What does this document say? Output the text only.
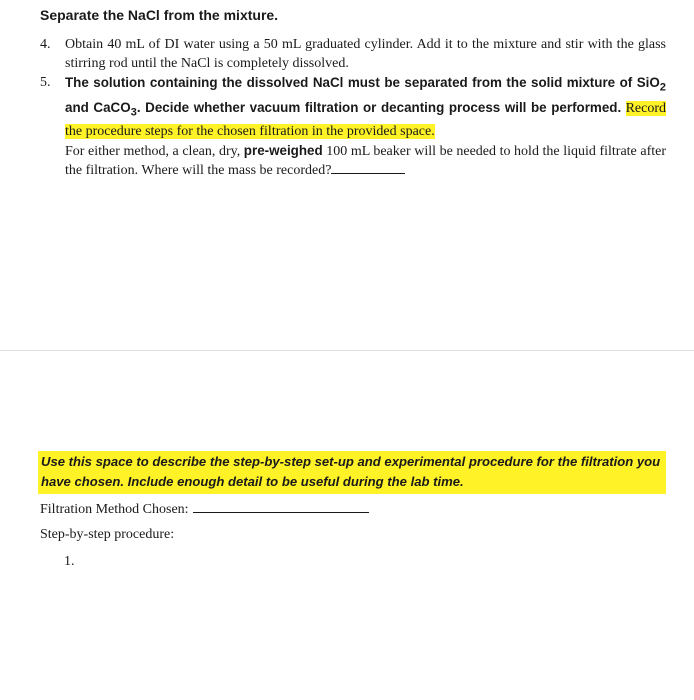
Separate the NaCl from the mixture.
4.	Obtain 40 mL of DI water using a 50 mL graduated cylinder. Add it to the mixture and stir with the glass stirring rod until the NaCl is completely dissolved.
5.	The solution containing the dissolved NaCl must be separated from the solid mixture of SiO$_2$ and CaCO$_3$. Decide whether vacuum filtration or decanting process will be performed. Record the procedure steps for the chosen filtration in the provided space.
For either method, a clean, dry, pre-weighed 100 mL beaker will be needed to hold the liquid filtrate after the filtration. Where will the mass be recorded?
Use this space to describe the step-by-step set-up and experimental procedure for the filtration you have chosen. Include enough detail to be useful during the lab time.
Filtration Method Chosen:
Step-by-step procedure:
1.
